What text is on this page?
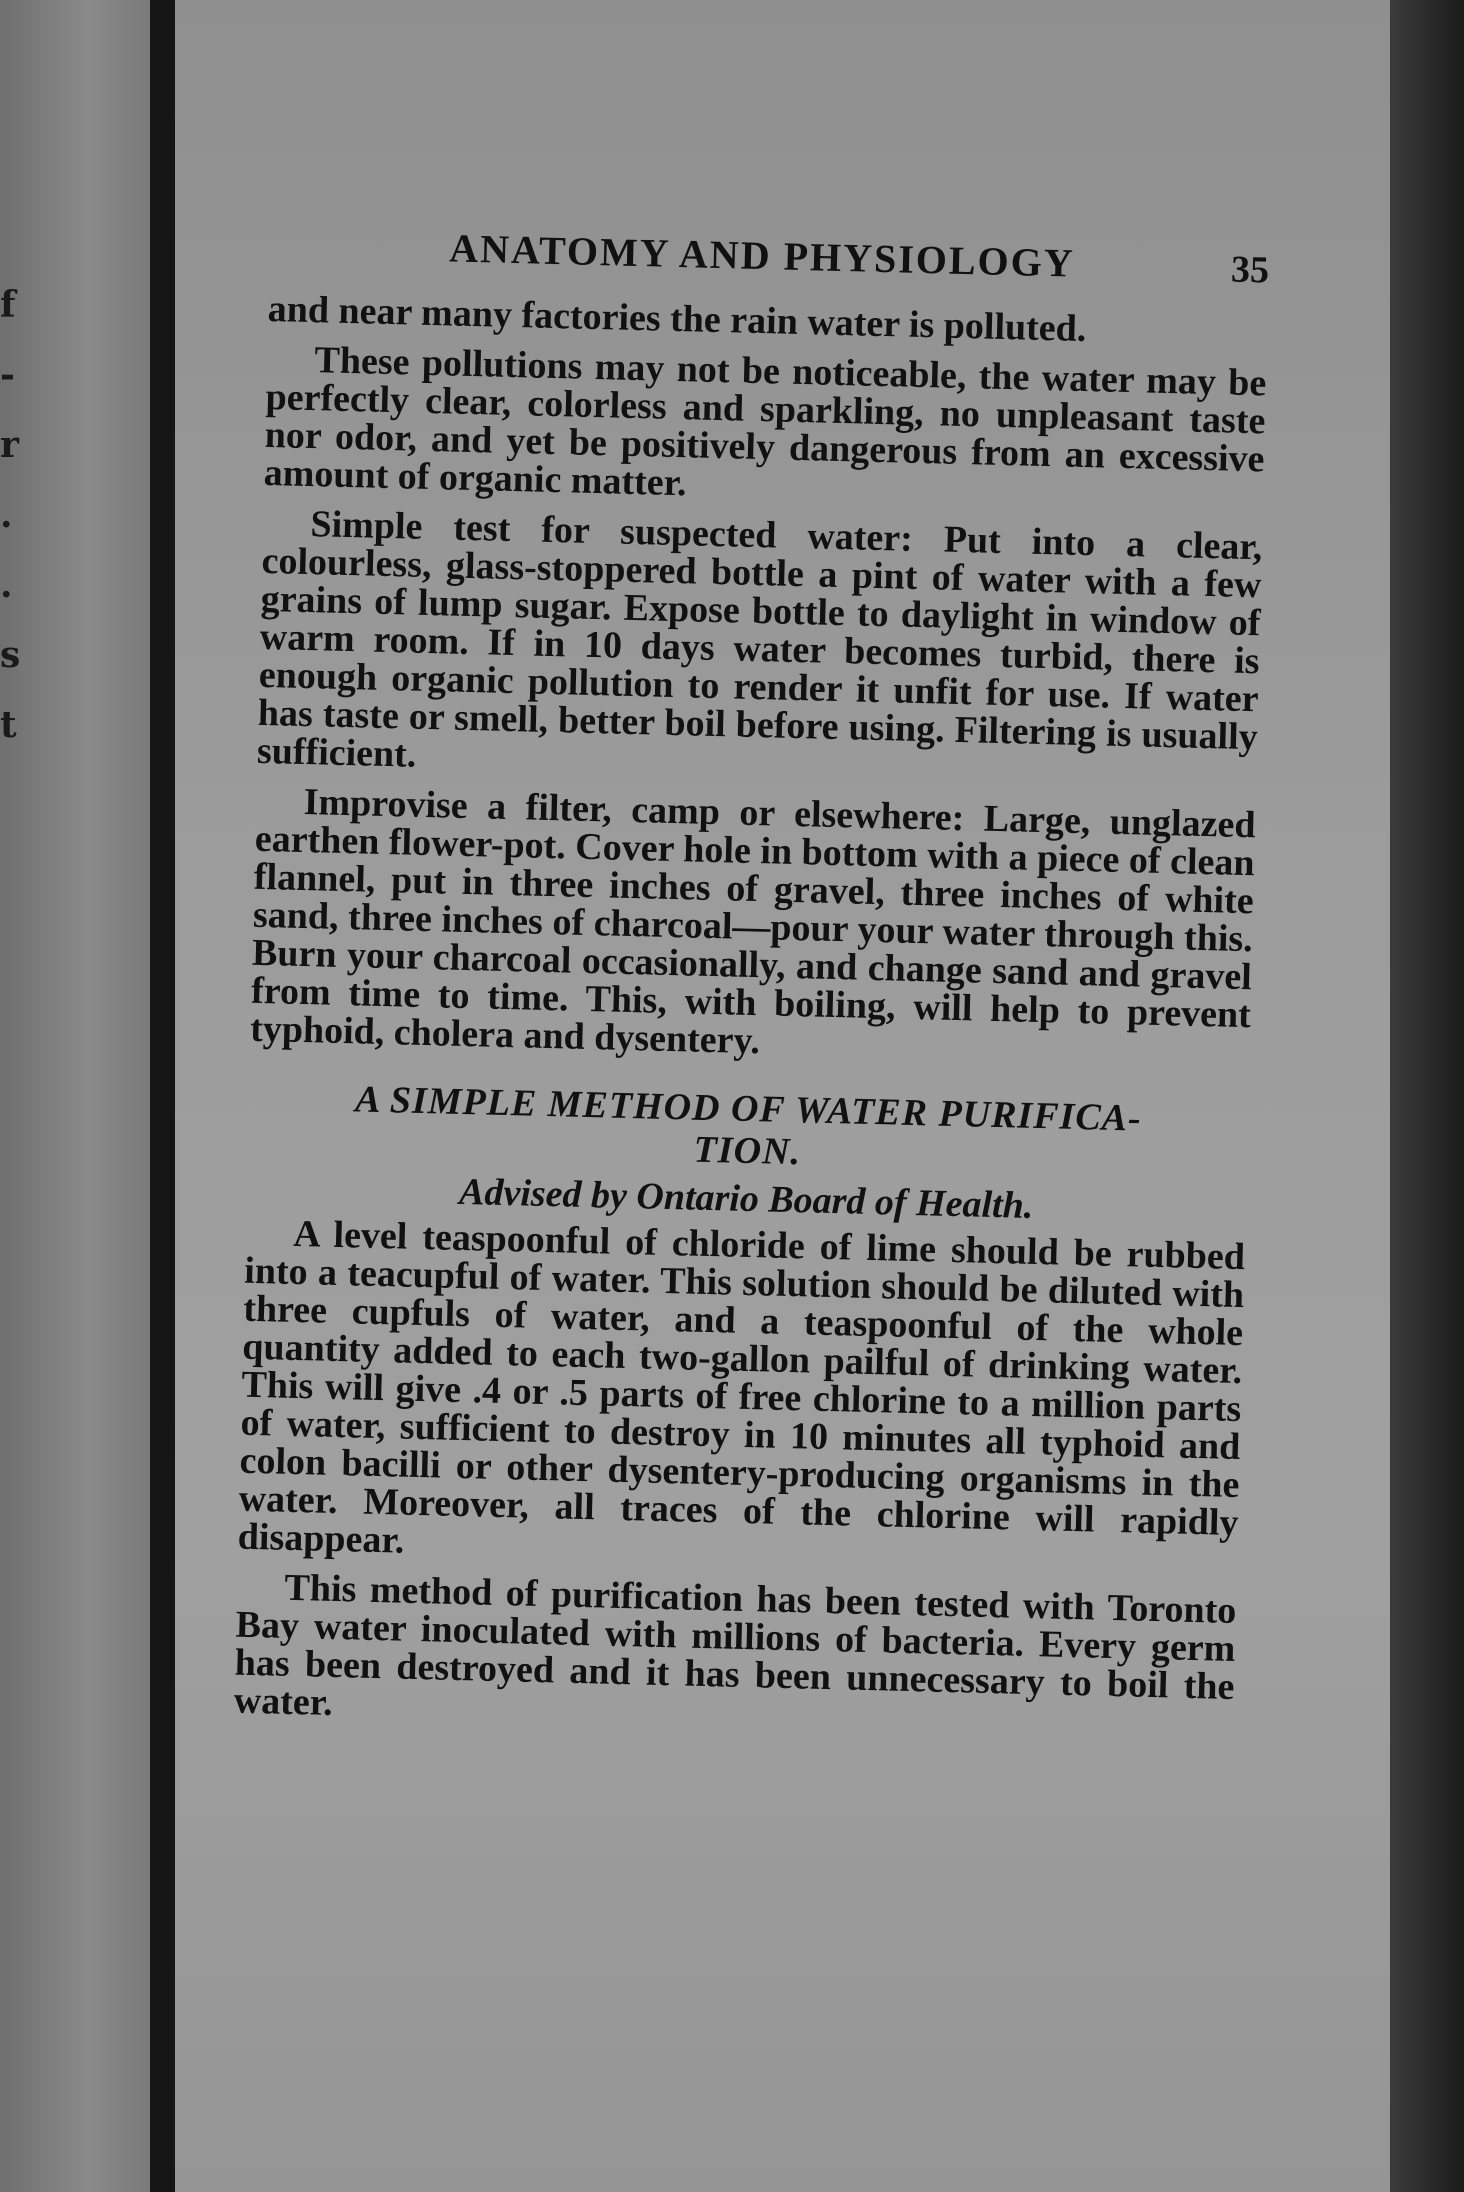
f
-
r
.
.
s
t
ANATOMY AND PHYSIOLOGY	35

and near many factories the rain water is polluted.

These pollutions may not be noticeable, the water may be perfectly clear, colorless and sparkling, no unpleasant taste nor odor, and yet be positively dangerous from an excessive amount of organic matter.

Simple test for suspected water: Put into a clear, colourless, glass-stoppered bottle a pint of water with a few grains of lump sugar. Expose bottle to daylight in window of warm room. If in 10 days water becomes turbid, there is enough organic pollution to render it unfit for use. If water has taste or smell, better boil before using. Filtering is usually sufficient.

Improvise a filter, camp or elsewhere: Large, unglazed earthen flower-pot. Cover hole in bottom with a piece of clean flannel, put in three inches of gravel, three inches of white sand, three inches of charcoal—pour your water through this. Burn your charcoal occasionally, and change sand and gravel from time to time. This, with boiling, will help to prevent typhoid, cholera and dysentery.

A SIMPLE METHOD OF WATER PURIFICA-
TION.
Advised by Ontario Board of Health.

A level teaspoonful of chloride of lime should be rubbed into a teacupful of water. This solution should be diluted with three cupfuls of water, and a teaspoonful of the whole quantity added to each two-gallon pailful of drinking water. This will give .4 or .5 parts of free chlorine to a million parts of water, sufficient to destroy in 10 minutes all typhoid and colon bacilli or other dysentery-producing organisms in the water. Moreover, all traces of the chlorine will rapidly disappear.

This method of purification has been tested with Toronto Bay water inoculated with millions of bacteria. Every germ has been destroyed and it has been unnecessary to boil the water.
